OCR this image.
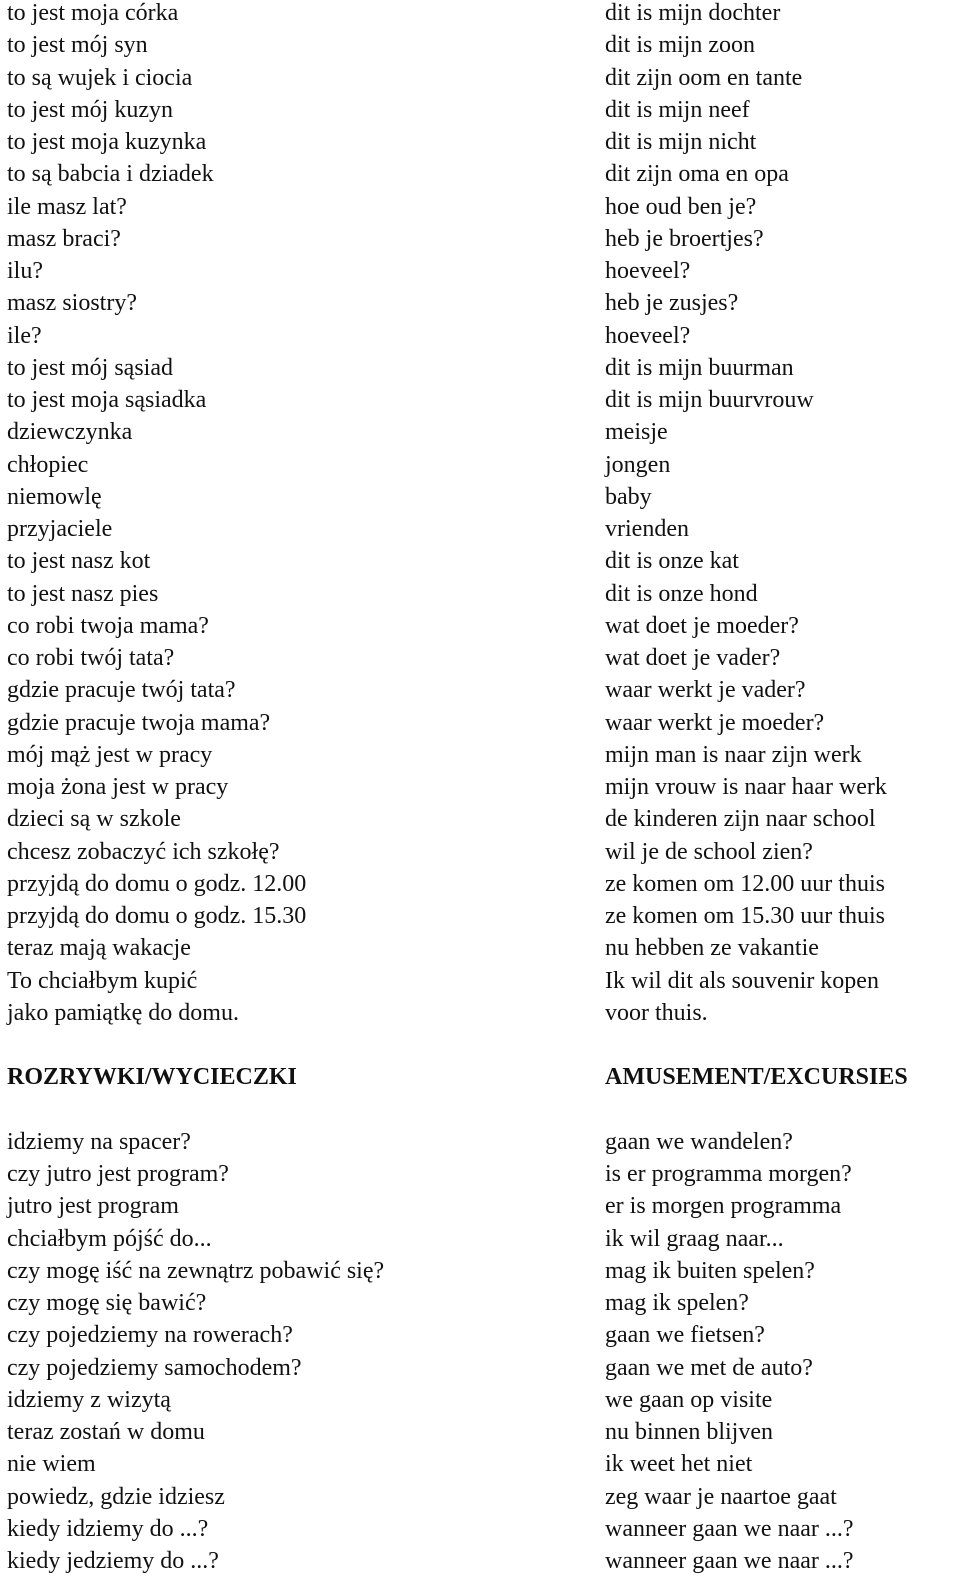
to jest moja córka
to jest mój syn
to są wujek i ciocia
to jest mój kuzyn
to jest moja kuzynka
to są babcia i dziadek
ile masz lat?
masz braci?
ilu?
masz siostry?
ile?
to jest mój sąsiad
to jest moja sąsiadka
dziewczynka
chłopiec
niemowlę
przyjaciele
to jest nasz kot
to jest nasz pies
co robi twoja mama?
co robi twój tata?
gdzie pracuje twój tata?
gdzie pracuje twoja mama?
mój mąż jest w pracy
moja żona jest w pracy
dzieci są w szkole
chcesz zobaczyć ich szkołę?
przyjdą do domu o godz. 12.00
przyjdą do domu o godz. 15.30
teraz mają wakacje
To chciałbym kupić
jako pamiątkę do domu.
ROZRYWKI/WYCIECZKI
idziemy na spacer?
czy jutro jest program?
jutro jest program
chciałbym pójść do...
czy mogę iść na zewnątrz pobawić się?
czy mogę się bawić?
czy pojedziemy na rowerach?
czy pojedziemy samochodem?
idziemy z wizytą
teraz zostań w domu
nie wiem
powiedz, gdzie idziesz
kiedy idziemy do ...?
kiedy jedziemy do ...?
dit is mijn dochter
dit is mijn zoon
dit zijn oom en tante
dit is mijn neef
dit is mijn nicht
dit zijn oma en opa
hoe oud ben je?
heb je broertjes?
hoeveel?
heb je zusjes?
hoeveel?
dit is mijn buurman
dit is mijn buurvrouw
meisje
jongen
baby
vrienden
dit is onze kat
dit is onze hond
wat doet je moeder?
wat doet je vader?
waar werkt je vader?
waar werkt je moeder?
mijn man is naar zijn werk
mijn vrouw is naar haar werk
de kinderen zijn naar school
wil je de school zien?
ze komen om 12.00 uur thuis
ze komen om 15.30 uur thuis
nu hebben ze vakantie
Ik wil dit als souvenir kopen
voor thuis.
AMUSEMENT/EXCURSIES
gaan we wandelen?
is er programma morgen?
er is morgen programma
ik wil graag naar...
mag ik buiten spelen?
mag ik spelen?
gaan we fietsen?
gaan we met de auto?
we gaan op visite
nu binnen blijven
ik weet het niet
zeg waar je naartoe gaat
wanneer gaan we naar ...?
wanneer gaan we naar ...?
